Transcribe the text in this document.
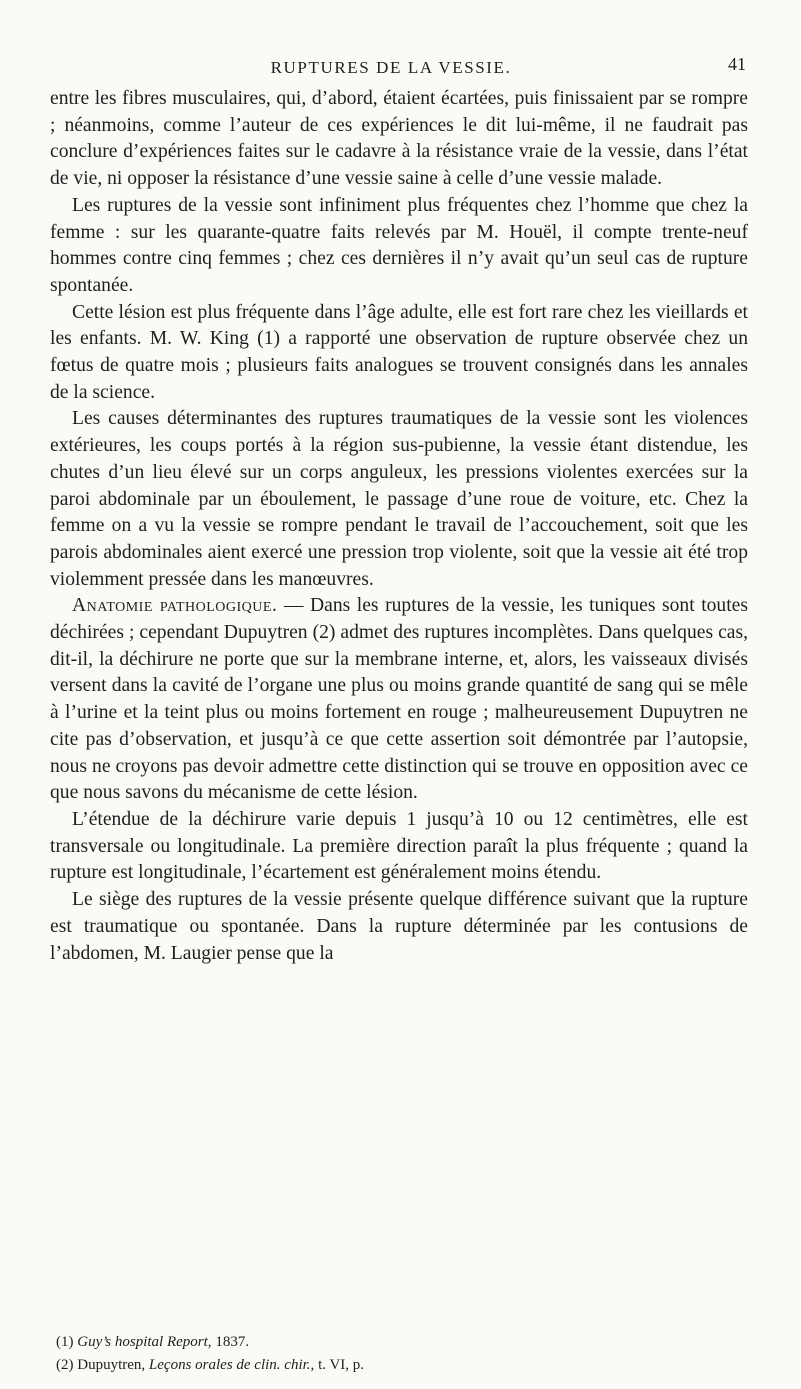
RUPTURES DE LA VESSIE.	41

entre les fibres musculaires, qui, d’abord, étaient écartées, puis finissaient par se rompre ; néanmoins, comme l’auteur de ces expériences le dit lui-même, il ne faudrait pas conclure d’expériences faites sur le cadavre à la résistance vraie de la vessie, dans l’état de vie, ni opposer la résistance d’une vessie saine à celle d’une vessie malade.

Les ruptures de la vessie sont infiniment plus fréquentes chez l’homme que chez la femme : sur les quarante-quatre faits relevés par M. Houël, il compte trente-neuf hommes contre cinq femmes ; chez ces dernières il n’y avait qu’un seul cas de rupture spontanée.

Cette lésion est plus fréquente dans l’âge adulte, elle est fort rare chez les vieillards et les enfants. M. W. King (1) a rapporté une observation de rupture observée chez un fœtus de quatre mois ; plusieurs faits analogues se trouvent consignés dans les annales de la science.

Les causes déterminantes des ruptures traumatiques de la vessie sont les violences extérieures, les coups portés à la région sus-pubienne, la vessie étant distendue, les chutes d’un lieu élevé sur un corps anguleux, les pressions violentes exercées sur la paroi abdominale par un éboulement, le passage d’une roue de voiture, etc. Chez la femme on a vu la vessie se rompre pendant le travail de l’accouchement, soit que les parois abdominales aient exercé une pression trop violente, soit que la vessie ait été trop violemment pressée dans les manœuvres.

Anatomie pathologique. — Dans les ruptures de la vessie, les tuniques sont toutes déchirées ; cependant Dupuytren (2) admet des ruptures incomplètes. Dans quelques cas, dit-il, la déchirure ne porte que sur la membrane interne, et, alors, les vaisseaux divisés versent dans la cavité de l’organe une plus ou moins grande quantité de sang qui se mêle à l’urine et la teint plus ou moins fortement en rouge ; malheureusement Dupuytren ne cite pas d’observation, et jusqu’à ce que cette assertion soit démontrée par l’autopsie, nous ne croyons pas devoir admettre cette distinction qui se trouve en opposition avec ce que nous savons du mécanisme de cette lésion.

L’étendue de la déchirure varie depuis 1 jusqu’à 10 ou 12 centimètres, elle est transversale ou longitudinale. La première direction paraît la plus fréquente ; quand la rupture est longitudinale, l’écartement est généralement moins étendu.

Le siège des ruptures de la vessie présente quelque différence suivant que la rupture est traumatique ou spontanée. Dans la rupture déterminée par les contusions de l’abdomen, M. Laugier pense que la

(1) Guy’s hospital Report, 1837.

(2) Dupuytren, Leçons orales de clin. chir., t. VI, p.
